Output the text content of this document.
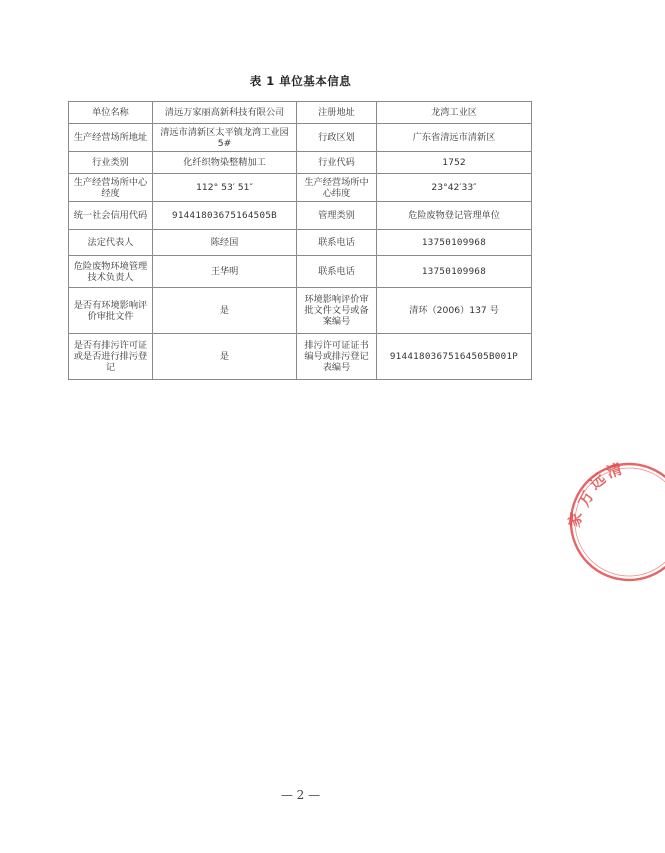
表 1 单位基本信息
单位名称	清远万家丽高新科技有限公司	注册地址	龙湾工业区
生产经营场所地址	清远市清新区太平镇龙湾工业园 5#	行政区划	广东省清远市清新区
行业类别	化纤织物染整精加工	行业代码	1752
生产经营场所中心经度	112° 53′ 51″	生产经营场所中心纬度	23°42′33″
统一社会信用代码	91441803675164505B	管理类别	危险废物登记管理单位
法定代表人	陈经国	联系电话	13750109968
危险废物环境管理技术负责人	王华明	联系电话	13750109968
是否有环境影响评价审批文件	是	环境影响评价审批文件文号或备案编号	清环（2006）137 号
是否有排污许可证或是否进行排污登记	是	排污许可证证书编号或排污登记表编号	91441803675164505B001P
万
家
远
清
— 2 —
